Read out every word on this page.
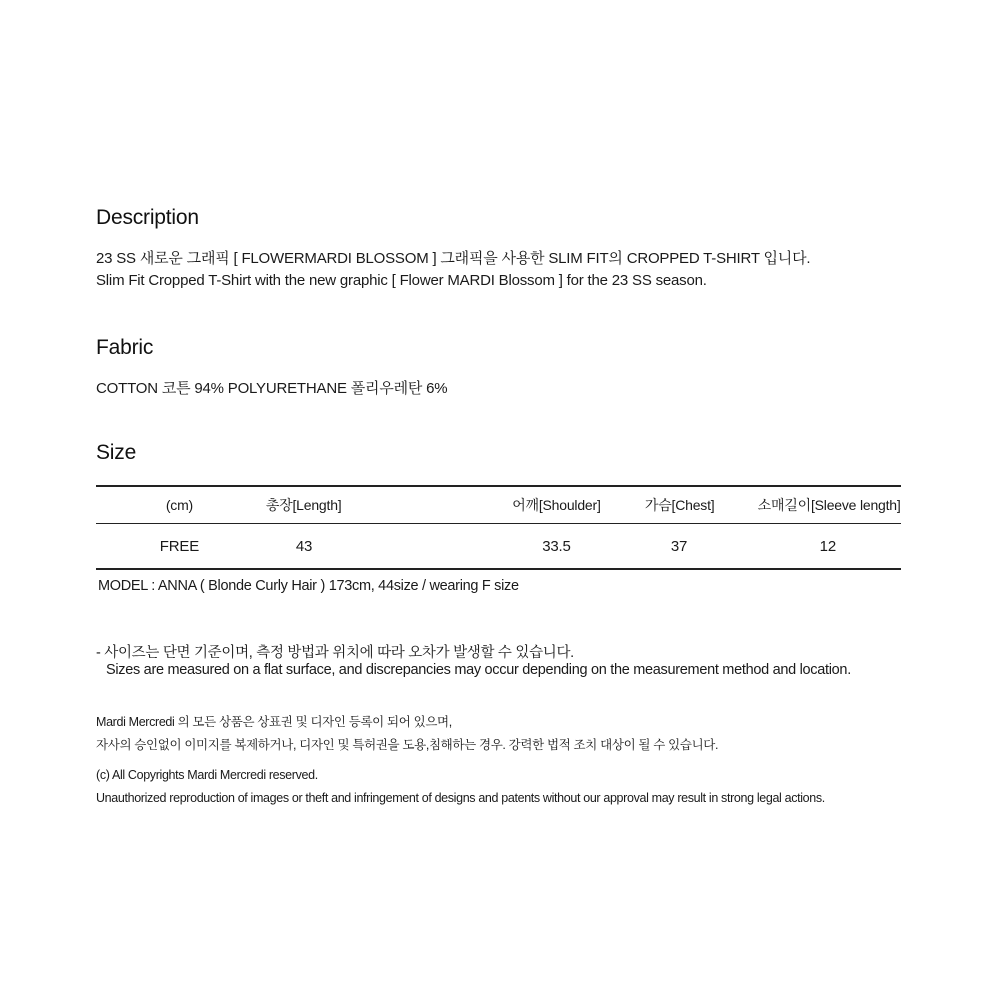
Description
23 SS 새로운 그래픽 [ FLOWERMARDI BLOSSOM ] 그래픽을 사용한 SLIM FIT의 CROPPED T-SHIRT 입니다.
Slim Fit Cropped T-Shirt with the new graphic [ Flower MARDI Blossom ] for the 23 SS season.
Fabric
COTTON 코튼 94% POLYURETHANE 폴리우레탄 6%
Size
(cm)	총장[Length]	어깨[Shoulder]	가슴[Chest]	소매길이[Sleeve length]
FREE	43	33.5	37	12
MODEL : ANNA ( Blonde Curly Hair ) 173cm, 44size / wearing F size
- 사이즈는 단면 기준이며, 측정 방법과 위치에 따라 오차가 발생할 수 있습니다.
Sizes are measured on a flat surface, and discrepancies may occur depending on the measurement method and location.
Mardi Mercredi 의 모든 상품은 상표권 및 디자인 등록이 되어 있으며,
자사의 승인없이 이미지를 복제하거나, 디자인 및 특허권을 도용,침해하는 경우. 강력한 법적 조치 대상이 될 수 있습니다.
(c) All Copyrights Mardi Mercredi reserved.
Unauthorized reproduction of images or theft and infringement of designs and patents without our approval may result in strong legal actions.
